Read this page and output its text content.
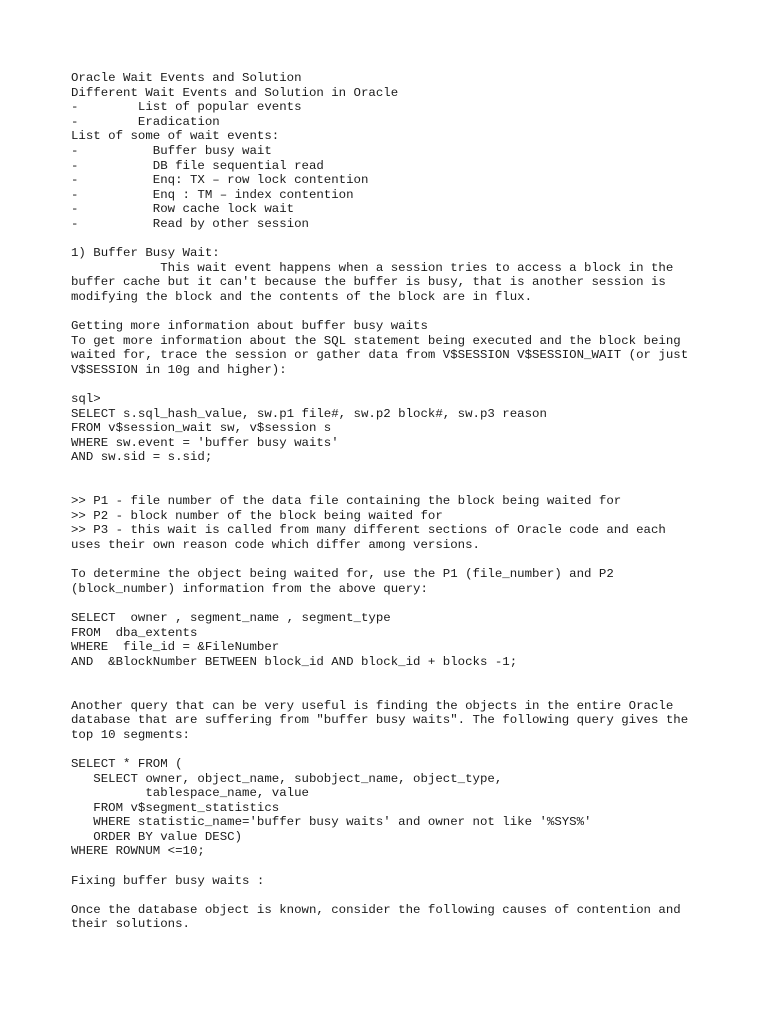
Oracle Wait Events and Solution
Different Wait Events and Solution in Oracle
-        List of popular events
-        Eradication
List of some of wait events:
-          Buffer busy wait
-          DB file sequential read
-          Enq: TX – row lock contention
-          Enq : TM – index contention
-          Row cache lock wait
-          Read by other session
1) Buffer Busy Wait:
This wait event happens when a session tries to access a block in the
buffer cache but it can't because the buffer is busy, that is another session is
modifying the block and the contents of the block are in flux.
Getting more information about buffer busy waits
To get more information about the SQL statement being executed and the block being
waited for, trace the session or gather data from V$SESSION V$SESSION_WAIT (or just
V$SESSION in 10g and higher):
sql>
SELECT s.sql_hash_value, sw.p1 file#, sw.p2 block#, sw.p3 reason
FROM v$session_wait sw, v$session s
WHERE sw.event = 'buffer busy waits'
AND sw.sid = s.sid;
>> P1 - file number of the data file containing the block being waited for
>> P2 - block number of the block being waited for
>> P3 - this wait is called from many different sections of Oracle code and each
uses their own reason code which differ among versions.
To determine the object being waited for, use the P1 (file_number) and P2
(block_number) information from the above query:
SELECT  owner , segment_name , segment_type
FROM  dba_extents
WHERE  file_id = &FileNumber
AND  &BlockNumber BETWEEN block_id AND block_id + blocks -1;
Another query that can be very useful is finding the objects in the entire Oracle
database that are suffering from "buffer busy waits". The following query gives the
top 10 segments:
SELECT * FROM (
SELECT owner, object_name, subobject_name, object_type,
tablespace_name, value
FROM v$segment_statistics
WHERE statistic_name='buffer busy waits' and owner not like '%SYS%'
ORDER BY value DESC)
WHERE ROWNUM <=10;
Fixing buffer busy waits :
Once the database object is known, consider the following causes of contention and
their solutions.
